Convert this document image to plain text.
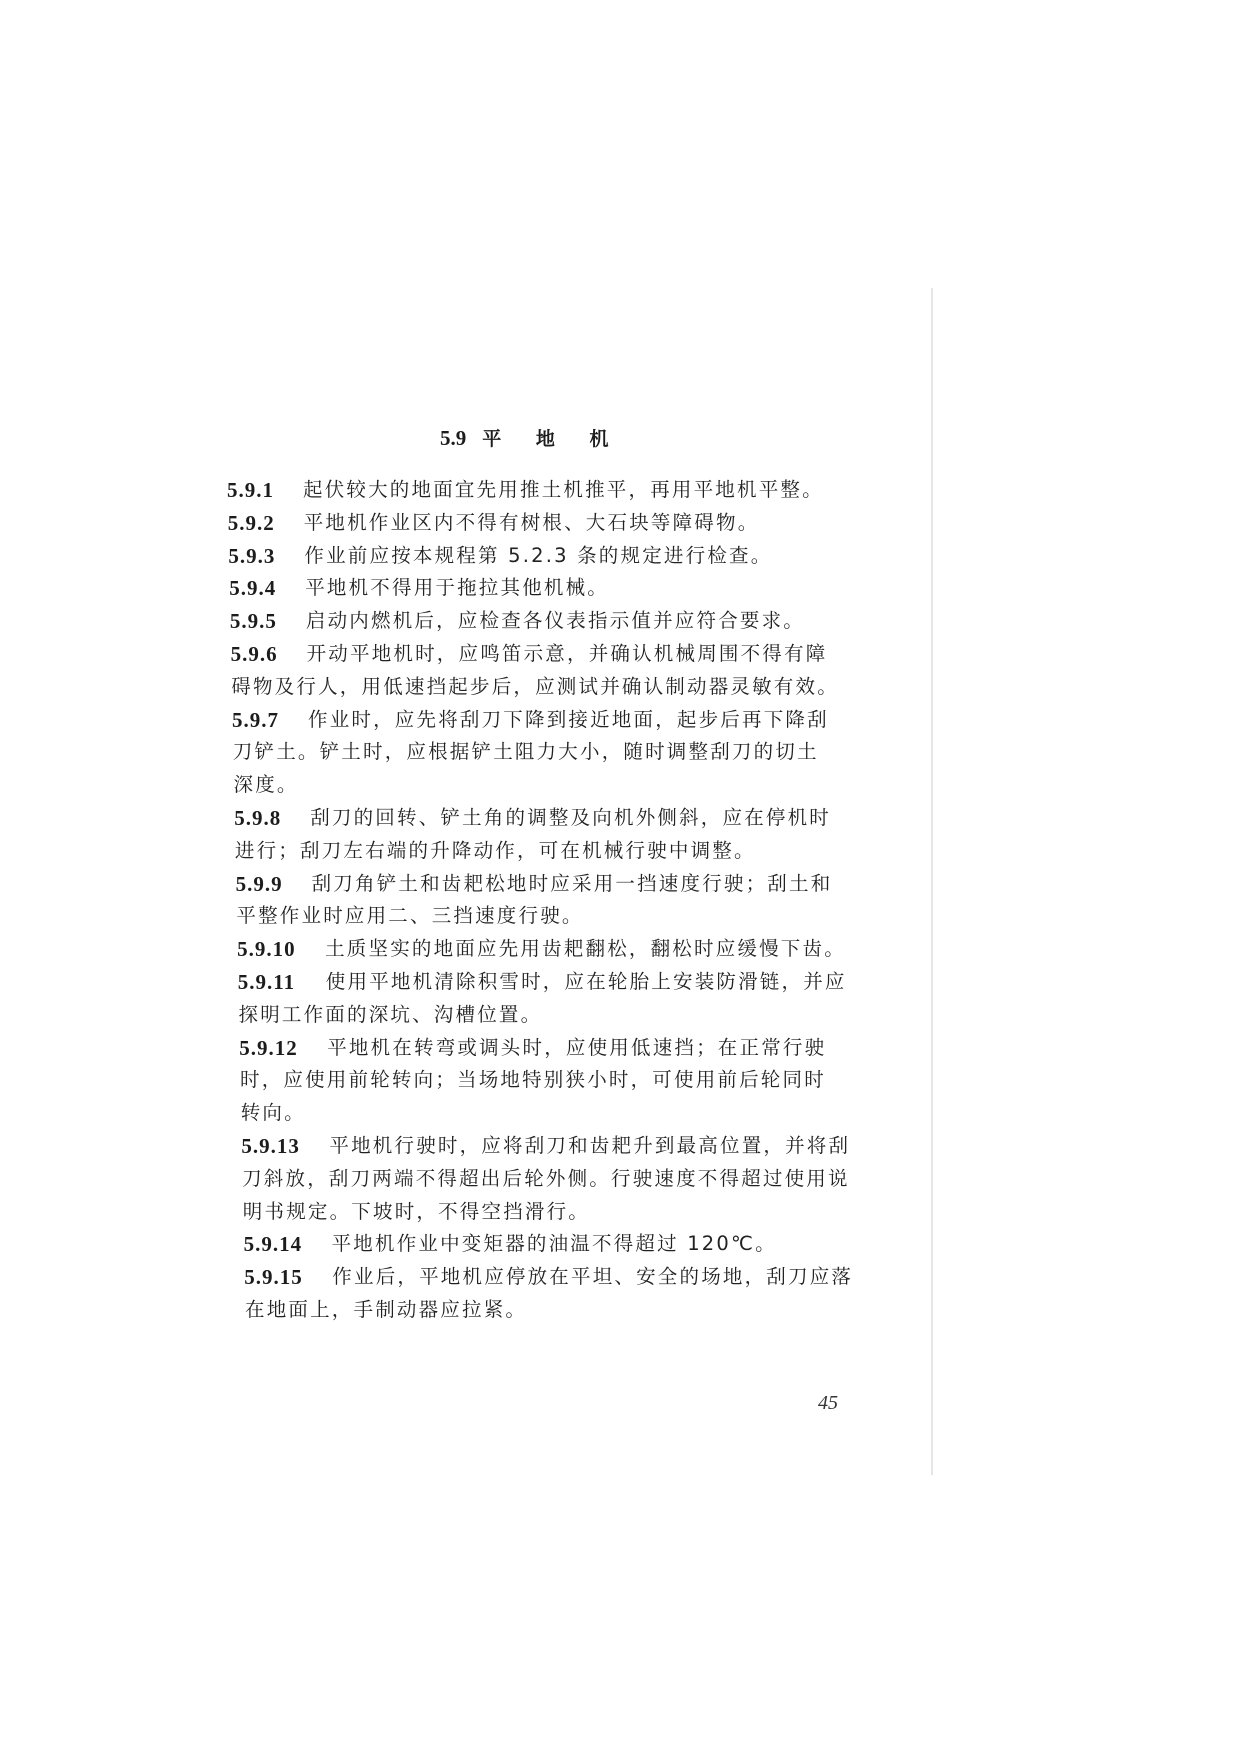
5.9 平 地 机
5.9.1 起伏较大的地面宜先用推土机推平，再用平地机平整。
5.9.2 平地机作业区内不得有树根、大石块等障碍物。
5.9.3 作业前应按本规程第 5.2.3 条的规定进行检查。
5.9.4 平地机不得用于拖拉其他机械。
5.9.5 启动内燃机后，应检查各仪表指示值并应符合要求。
5.9.6 开动平地机时，应鸣笛示意，并确认机械周围不得有障
碍物及行人，用低速挡起步后，应测试并确认制动器灵敏有效。
5.9.7 作业时，应先将刮刀下降到接近地面，起步后再下降刮
刀铲土。铲土时，应根据铲土阻力大小，随时调整刮刀的切土
深度。
5.9.8 刮刀的回转、铲土角的调整及向机外侧斜，应在停机时
进行；刮刀左右端的升降动作，可在机械行驶中调整。
5.9.9 刮刀角铲土和齿耙松地时应采用一挡速度行驶；刮土和
平整作业时应用二、三挡速度行驶。
5.9.10 土质坚实的地面应先用齿耙翻松，翻松时应缓慢下齿。
5.9.11 使用平地机清除积雪时，应在轮胎上安装防滑链，并应
探明工作面的深坑、沟槽位置。
5.9.12 平地机在转弯或调头时，应使用低速挡；在正常行驶
时，应使用前轮转向；当场地特别狭小时，可使用前后轮同时
转向。
5.9.13 平地机行驶时，应将刮刀和齿耙升到最高位置，并将刮
刀斜放，刮刀两端不得超出后轮外侧。行驶速度不得超过使用说
明书规定。下坡时，不得空挡滑行。
5.9.14 平地机作业中变矩器的油温不得超过 120℃。
5.9.15 作业后，平地机应停放在平坦、安全的场地，刮刀应落
在地面上，手制动器应拉紧。
45
